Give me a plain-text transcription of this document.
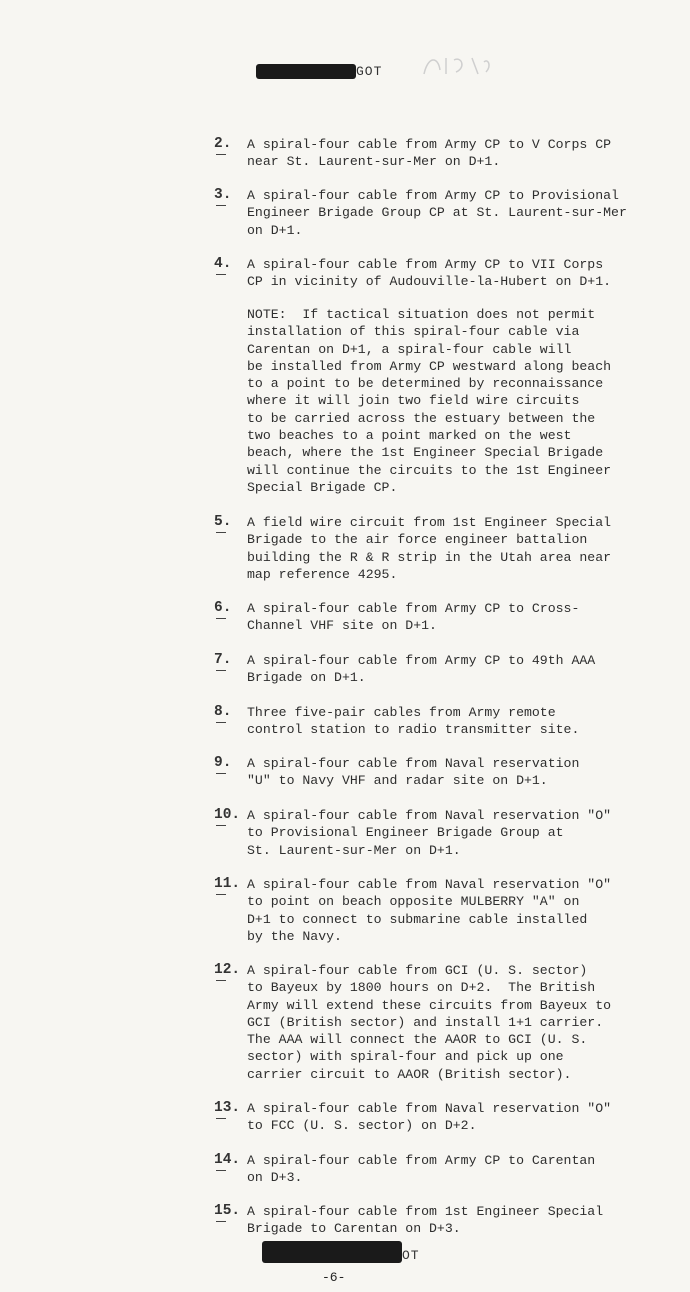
GOT
2. A spiral-four cable from Army CP to V Corps CP
near St. Laurent-sur-Mer on D+1.
3. A spiral-four cable from Army CP to Provisional
Engineer Brigade Group CP at St. Laurent-sur-Mer
on D+1.
4. A spiral-four cable from Army CP to VII Corps
CP in vicinity of Audouville-la-Hubert on D+1.
NOTE:  If tactical situation does not permit
installation of this spiral-four cable via
Carentan on D+1, a spiral-four cable will
be installed from Army CP westward along beach
to a point to be determined by reconnaissance
where it will join two field wire circuits
to be carried across the estuary between the
two beaches to a point marked on the west
beach, where the 1st Engineer Special Brigade
will continue the circuits to the 1st Engineer
Special Brigade CP.
5. A field wire circuit from 1st Engineer Special
Brigade to the air force engineer battalion
building the R & R strip in the Utah area near
map reference 4295.
6. A spiral-four cable from Army CP to Cross-
Channel VHF site on D+1.
7. A spiral-four cable from Army CP to 49th AAA
Brigade on D+1.
8. Three five-pair cables from Army remote
control station to radio transmitter site.
9. A spiral-four cable from Naval reservation
"U" to Navy VHF and radar site on D+1.
10. A spiral-four cable from Naval reservation "O"
to Provisional Engineer Brigade Group at
St. Laurent-sur-Mer on D+1.
11. A spiral-four cable from Naval reservation "O"
to point on beach opposite MULBERRY "A" on
D+1 to connect to submarine cable installed
by the Navy.
12. A spiral-four cable from GCI (U. S. sector)
to Bayeux by 1800 hours on D+2.  The British
Army will extend these circuits from Bayeux to
GCI (British sector) and install 1+1 carrier.
The AAA will connect the AAOR to GCI (U. S.
sector) with spiral-four and pick up one
carrier circuit to AAOR (British sector).
13. A spiral-four cable from Naval reservation "O"
to FCC (U. S. sector) on D+2.
14. A spiral-four cable from Army CP to Carentan
on D+3.
15. A spiral-four cable from 1st Engineer Special
Brigade to Carentan on D+3.
OT
-6-
